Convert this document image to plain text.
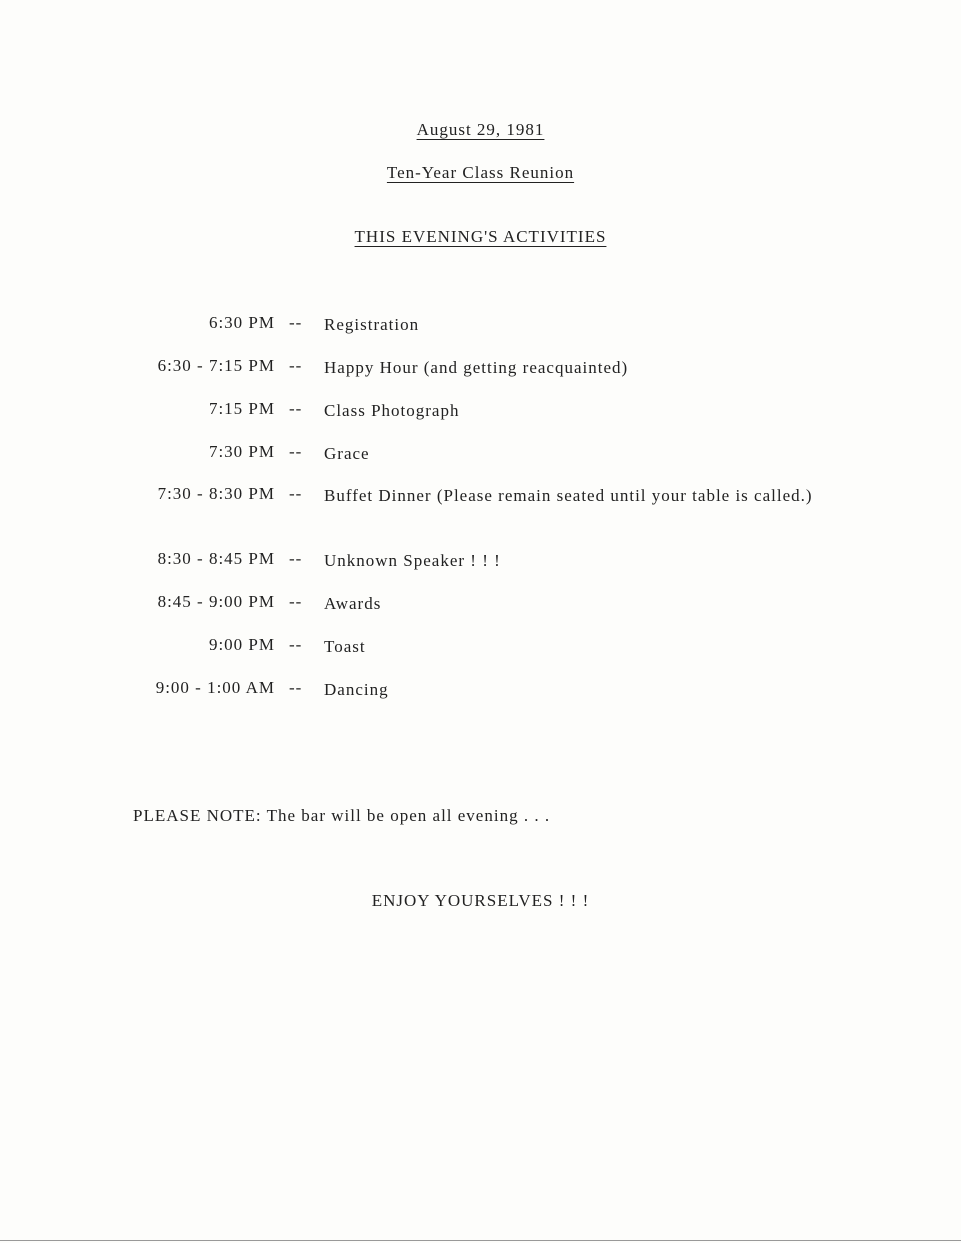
August 29, 1981
Ten-Year Class Reunion
THIS EVENING'S ACTIVITIES
6:30 PM -- Registration
6:30 - 7:15 PM -- Happy Hour (and getting reacquainted)
7:15 PM -- Class Photograph
7:30 PM -- Grace
7:30 - 8:30 PM -- Buffet Dinner (Please remain seated until your table is called.)
8:30 - 8:45 PM -- Unknown Speaker ! ! !
8:45 - 9:00 PM -- Awards
9:00 PM -- Toast
9:00 - 1:00 AM -- Dancing
PLEASE NOTE: The bar will be open all evening . . .
ENJOY YOURSELVES ! ! !
